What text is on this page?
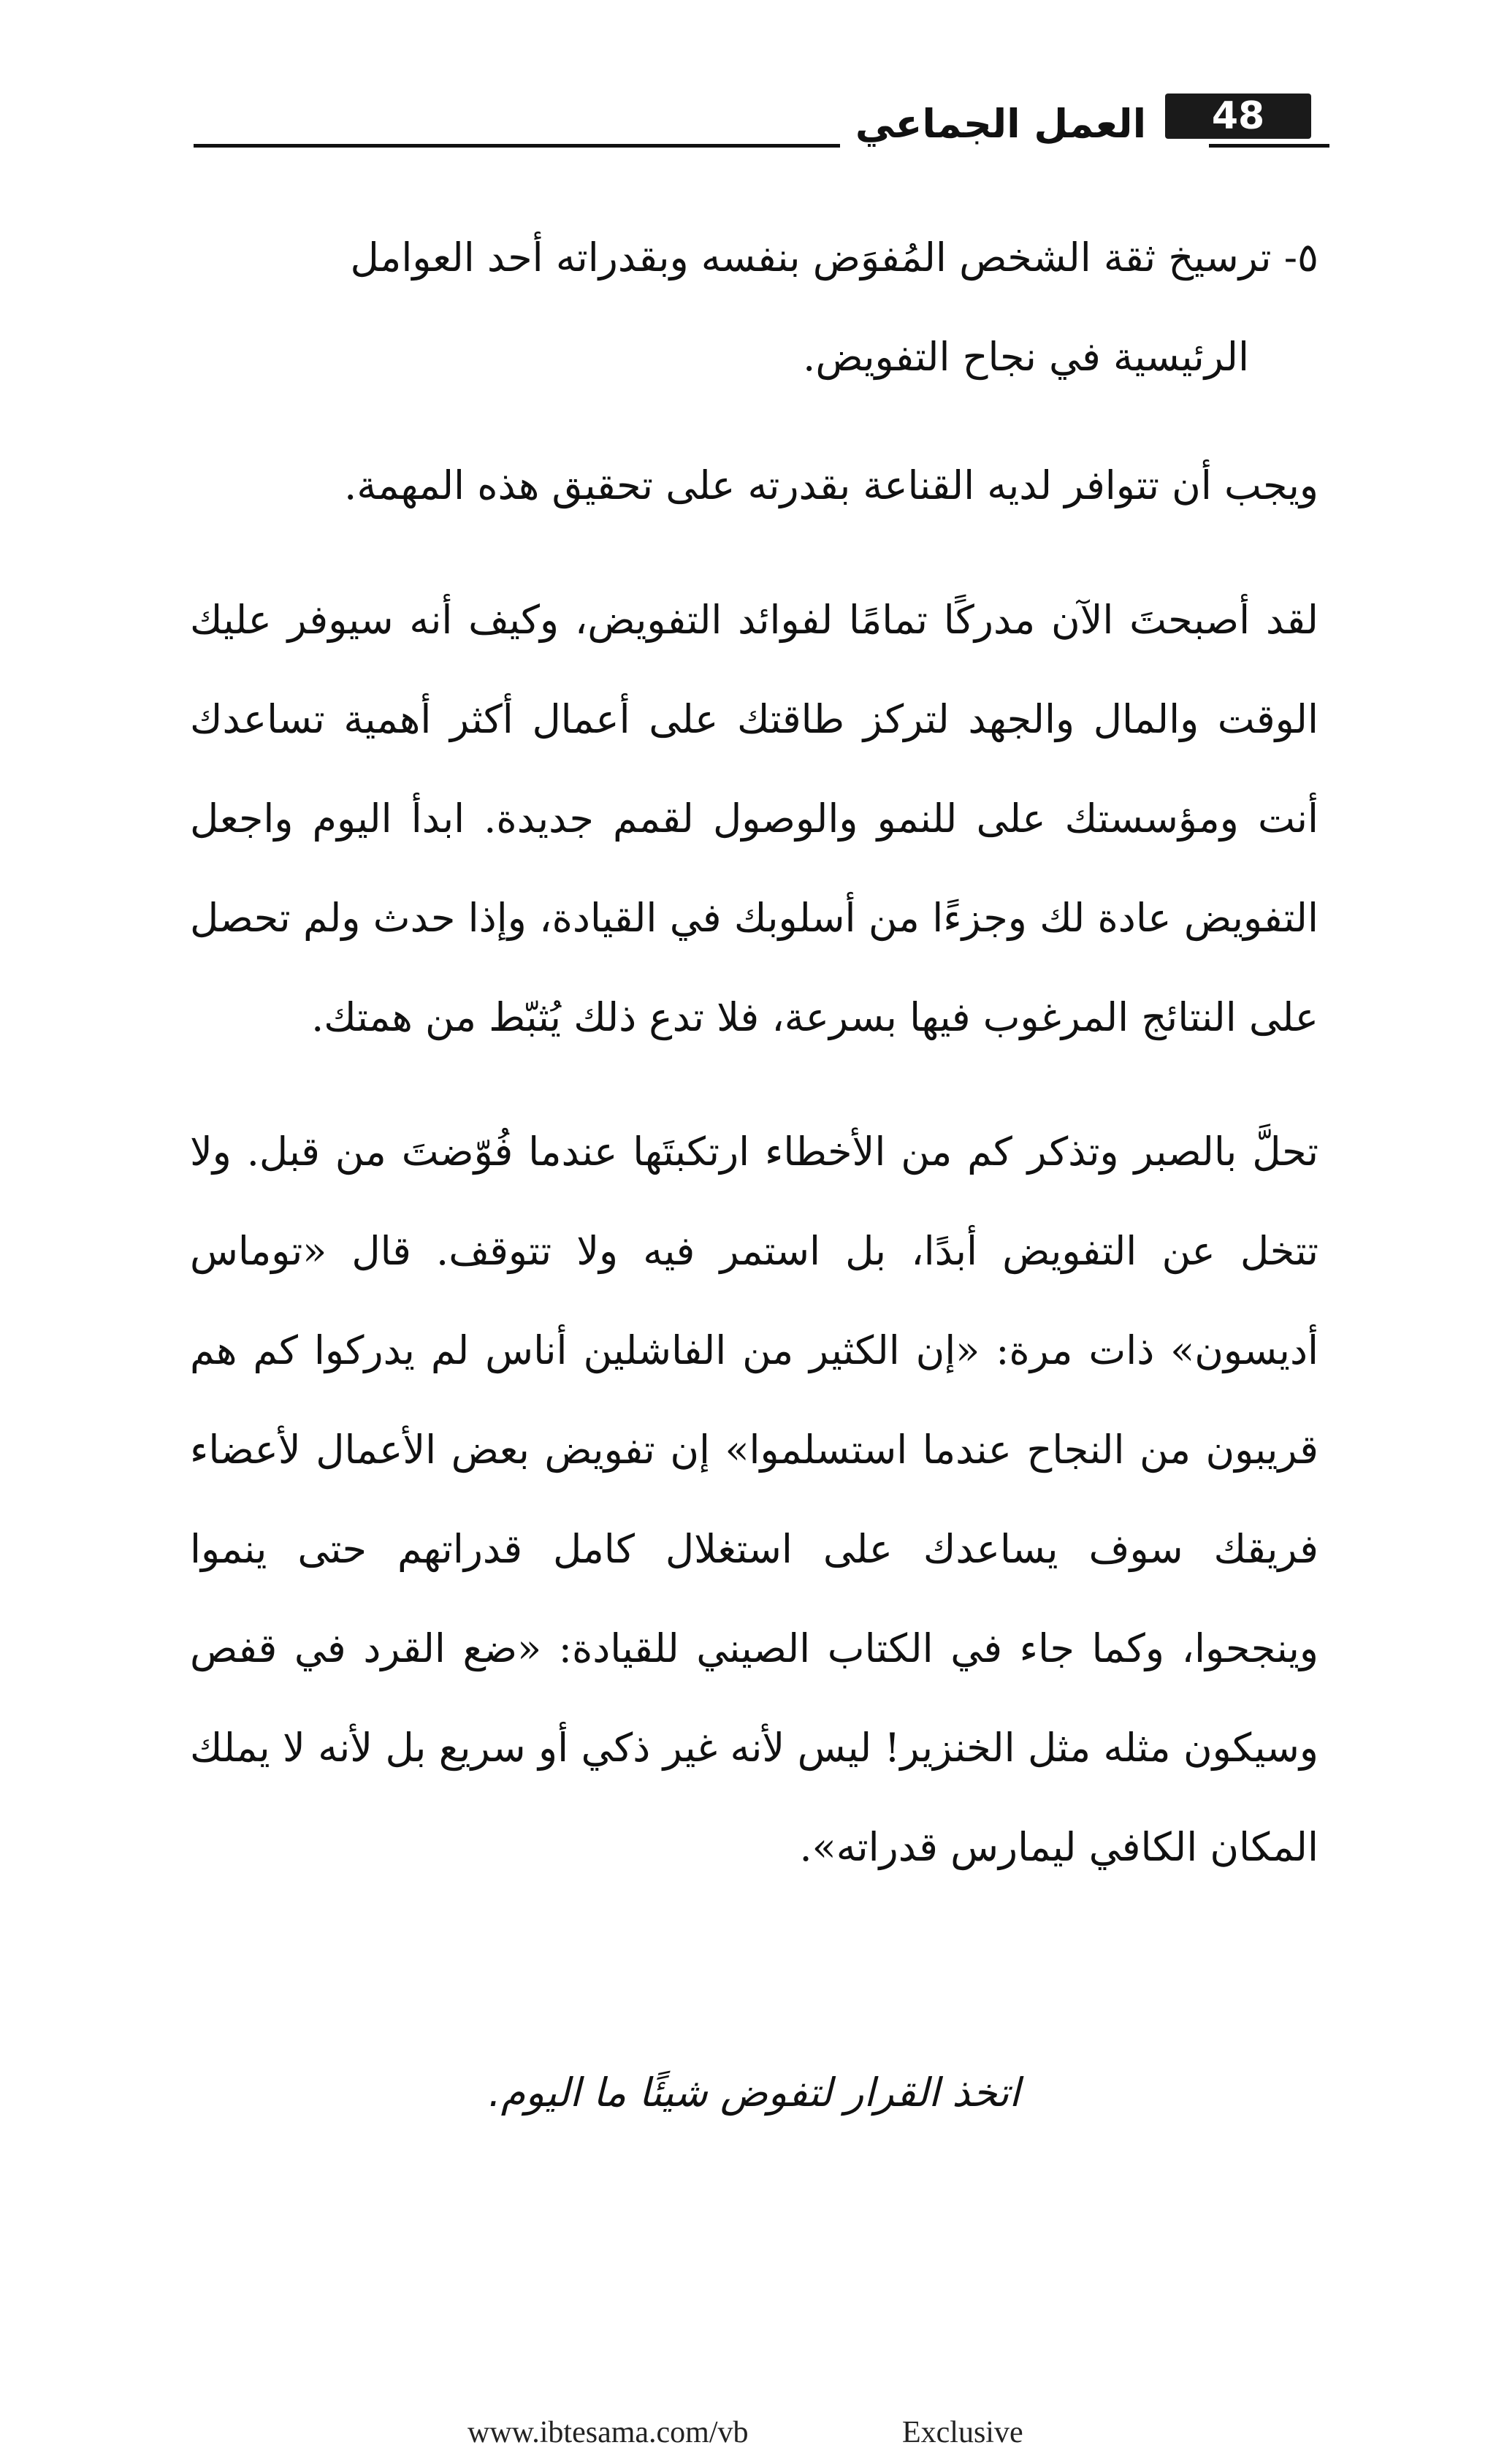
العمل الجماعي	48

٥- ترسيخ ثقة الشخص المُفوَض بنفسه وبقدراته أحد العوامل

الرئيسية في نجاح التفويض.

ويجب أن تتوافر لديه القناعة بقدرته على تحقيق هذه المهمة.

لقد أصبحتَ الآن مدركًا تمامًا لفوائد التفويض، وكيف أنه سيوفر عليك الوقت والمال والجهد لتركز طاقتك على أعمال أكثر أهمية تساعدك أنت ومؤسستك على للنمو والوصول لقمم جديدة. ابدأ اليوم واجعل التفويض عادة لك وجزءًا من أسلوبك في القيادة، وإذا حدث ولم تحصل على النتائج المرغوب فيها بسرعة، فلا تدع ذلك يُثبّط من همتك.

تحلَّ بالصبر وتذكر كم من الأخطاء ارتكبتَها عندما فُوّضتَ من قبل. ولا تتخل عن التفويض أبدًا، بل استمر فيه ولا تتوقف. قال «توماس أديسون» ذات مرة: «إن الكثير من الفاشلين أناس لم يدركوا كم هم قريبون من النجاح عندما استسلموا» إن تفويض بعض الأعمال لأعضاء فريقك سوف يساعدك على استغلال كامل قدراتهم حتى ينموا وينجحوا، وكما جاء في الكتاب الصيني للقيادة: «ضع القرد في قفص وسيكون مثله مثل الخنزير! ليس لأنه غير ذكي أو سريع بل لأنه لا يملك المكان الكافي ليمارس قدراته».

اتخذ القرار لتفوض شيئًا ما اليوم.
www.ibtesama.com/vb	Exclusive
